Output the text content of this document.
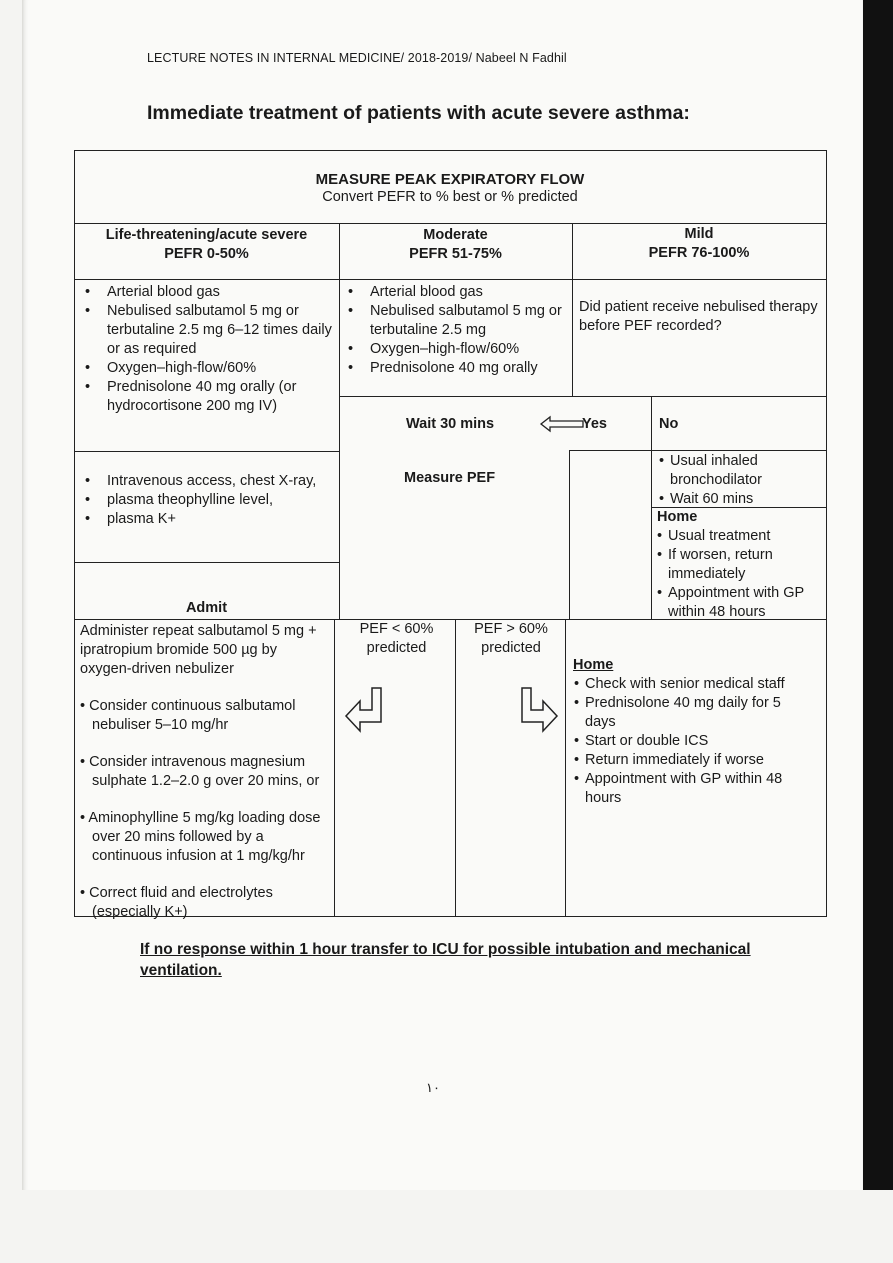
LECTURE NOTES IN INTERNAL MEDICINE/ 2018-2019/ Nabeel N Fadhil
Immediate treatment of patients with acute severe asthma:
MEASURE PEAK EXPIRATORY FLOW
Convert PEFR to % best or % predicted
Life-threatening/acute severe
PEFR 0-50%
Moderate
PEFR 51-75%
Mild
PEFR 76-100%
• Arterial blood gas
• Nebulised salbutamol 5 mg or terbutaline 2.5 mg 6–12 times daily or as required
• Oxygen–high-flow/60%
• Prednisolone 40 mg orally (or hydrocortisone 200 mg IV)
• Arterial blood gas
• Nebulised salbutamol 5 mg or terbutaline 2.5 mg
• Oxygen–high-flow/60%
• Prednisolone 40 mg orally
Did patient receive nebulised therapy before PEF recorded?
Wait 30 mins	Yes	No
Measure PEF
• Intravenous access, chest X-ray,
• plasma theophylline level,
• plasma K+
• Usual inhaled bronchodilator
• Wait 60 mins
Home
• Usual treatment
• If worsen, return immediately
• Appointment with GP within 48 hours
Admit
Administer repeat salbutamol 5 mg + ipratropium bromide 500 µg by oxygen-driven nebulizer
• Consider continuous salbutamol nebuliser 5–10 mg/hr
• Consider intravenous magnesium sulphate 1.2–2.0 g over 20 mins, or
• Aminophylline 5 mg/kg loading dose over 20 mins followed by a continuous infusion at 1 mg/kg/hr
• Correct fluid and electrolytes (especially K+)
PEF < 60% predicted
PEF > 60% predicted
Home
• Check with senior medical staff
• Prednisolone 40 mg daily for 5 days
• Start or double ICS
• Return immediately if worse
• Appointment with GP within 48 hours
If no response within 1 hour transfer to ICU for possible intubation and mechanical ventilation.
١٠
